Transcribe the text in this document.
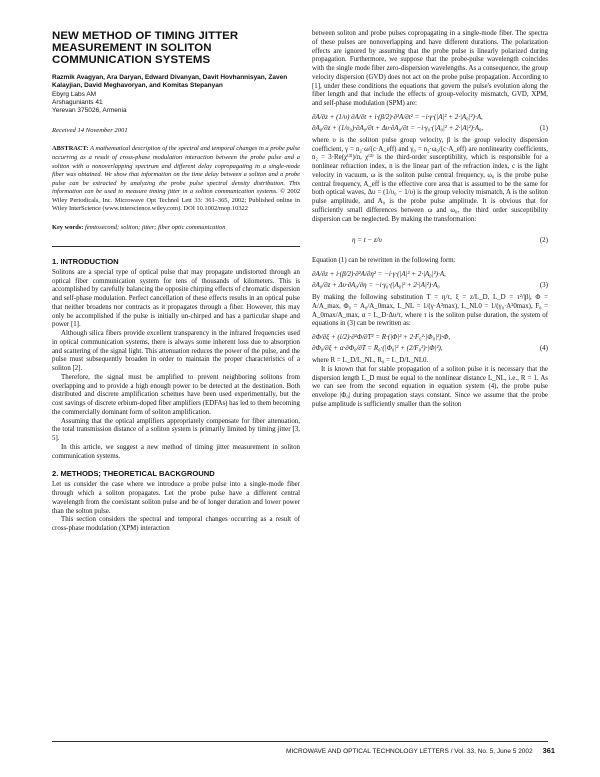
NEW METHOD OF TIMING JITTER MEASUREMENT IN SOLITON COMMUNICATION SYSTEMS

Razmik Avagyan, Ara Daryan, Edward Divanyan, Davit Hovhannisyan, Zaven Kalayjian, David Meghavoryan, and Komitas Stepanyan

Ebyrg Labs AM

Arshaguniants 41

Yerevan 375026, Armenia

Received 14 November 2001

ABSTRACT: A mathematical description of the spectral and temporal changes in a probe pulse occurring as a result of cross-phase modulation interaction between the probe pulse and a soliton with a nonoverlapping spectrum and different delay copropagating in a single-mode fiber was obtained. We show that information on the time delay between a soliton and a probe pulse can be extracted by analyzing the probe pulse spectral density distribution. This information can be used to measure timing jitter in a soliton communication systems. © 2002 Wiley Periodicals, Inc. Microwave Opt Technol Lett 33: 361–365, 2002; Published online in Wiley InterScience (www.interscience.wiley.com). DOI 10.1002/mop.10322

Key words: femtosecond; soliton; jitter; fiber optic communication

1. INTRODUCTION

Solitons are a special type of optical pulse that may propagate undistorted through an optical fiber communication system for tens of thousands of kilometers. This is accomplished by carefully balancing the opposite chirping effects of chromatic dispersion and self-phase modulation. Perfect cancellation of these effects results in an optical pulse that neither broadens nor contracts as it propagates through a fiber. However, this may only be accomplished if the pulse is initially un-chirped and has a particular shape and power [1].

Although silica fibers provide excellent transparency in the infrared frequencies used in optical communication systems, there is always some inherent loss due to absorption and scattering of the signal light. This attenuation reduces the power of the pulse, and the pulse must subsequently broaden in order to maintain the proper characteristics of a soliton [2].

Therefore, the signal must be amplified to prevent neighboring solitons from overlapping and to provide a high enough power to be detected at the destination. Both distributed and discrete amplification schemes have been used experimentally, but the cost savings of discrete erbium-doped fiber amplifiers (EDFAs) has led to them becoming the commercially dominant form of soliton amplification.

Assuming that the optical amplifiers appropriately compensate for fiber attenuation, the total transmission distance of a soliton system is primarily limited by timing jitter [3, 5].

In this article, we suggest a new method of timing jitter measurement in soliton communication systems.

2. METHODS; THEORETICAL BACKGROUND

Let us consider the case where we introduce a probe pulse into a single-mode fiber through which a soliton propagates. Let the probe pulse have a different central wavelength from the coexistant soliton pulse and be of longer duration and lower power than the solton pulse.

This section considers the spectral and temporal changes occurring as a result of cross-phase modulation (XPM) interaction

between soliton and probe pulses copropagating in a single-mode fiber. The spectra of these pulses are nonoverlapping and have different durations. The polarization effects are ignored by assuming that the probe pulse is linearly polarized during propagation. Furthermore, we suppose that the probe-pulse wavelength coincides with the single mode fiber zero-dispersion wavelengths. As a consequence, the group velocity dispersion (GVD) does not act on the probe pulse propagation. According to [1], under these conditions the equations that govern the pulse's evolution along the fiber length and that include the effects of group-velocity mismatch, GVD, XPM, and self-phase modulation (SPM) are:

∂A/∂z + (1/υ) ∂A/∂t + i·(β/2)·∂²A/∂t² = −i·γ·(|A|² + 2·|A₀|²)·A,
∂A₀/∂z + (1/υ₀)·∂A₀/∂t + Δυ·∂A₀/∂t = −i·γ₀·(|A₀|² + 2·|A|²)·A₀,	(1)

where υ is the soliton pulse group velocity, β is the group velocity dispersion coefficient, γ = n₂·ω/(c·A_eff) and γ₀ = n₂·ω₀/(c·A_eff) are nonlinearity coefficients, n₂ = 3·Re(χ⁽³⁾)/n, χ⁽³⁾ is the third-order susceptibility, which is responsible for a nonlinear refraction index, n is the linear part of the refraction index, c is the light velocity in vacuum, ω is the soliton pulse central frequency, ω₀ is the probe pulse central frequency, A_eff is the effective core area that is assumed to be the same for both optical waves, Δυ = (1/υ₀ − 1/υ) is the group velocity mismatch, A is the soliton pulse amplitude, and A₀ is the probe pulse amplitude. It is obvious that for sufficiently small differences between ω and ω₀, the third order susceptibility dispersion can be neglected. By making the transformation:

η = t − z/υ	(2)

Equation (1) can be rewritten in the following form:

∂A/∂z + i·(β/2)·∂²A/∂η² = −i·γ·(|A|² + 2·|A₀|²)·A,
∂A₀/∂z + Δυ·∂A₀/∂η = −i·γ₀·(|A₀|² + 2·|A|²)·A₀	(3)

By making the following substitution T = η/τ, ξ = z/L_D, L_D = τ²/|β|, Φ = A/A_max, Φ₀ = A₀/A_0max, L_NL = 1/(γ·A²max), L_NL0 = 1/(γ₀·A²0max), F₀ = A_0max/A_max, α = L_D·Δυ/τ, where τ is the soliton pulse duration, the system of equations in (3) can be rewritten as:

∂Φ/∂ξ + (i/2)·∂²Φ/∂T² = R·(|Φ|² + 2·F₀²·|Φ₀|²)·Φ,
∂Φ₀/∂ξ + α·∂Φ₀/∂T = R₀·(|Φ₀|² + (2/F₀²)·|Φ|²),	(4)

where R = L_D/L_NL, R₀ = L_D/L_NL0.

It is known that for stable propagation of a soliton pulse it is necessary that the dispersion length L_D must be equal to the nonlinear distance L_NL, i.e., R = 1. As we can see from the second equation in equation system (4), the probe pulse envelope |Φ₀| during propagation stays constant. Since we assume that the probe pulse amplitude is sufficiently smaller than the soliton

MICROWAVE AND OPTICAL TECHNOLOGY LETTERS / Vol. 33, No. 5, June 5 2002 361
